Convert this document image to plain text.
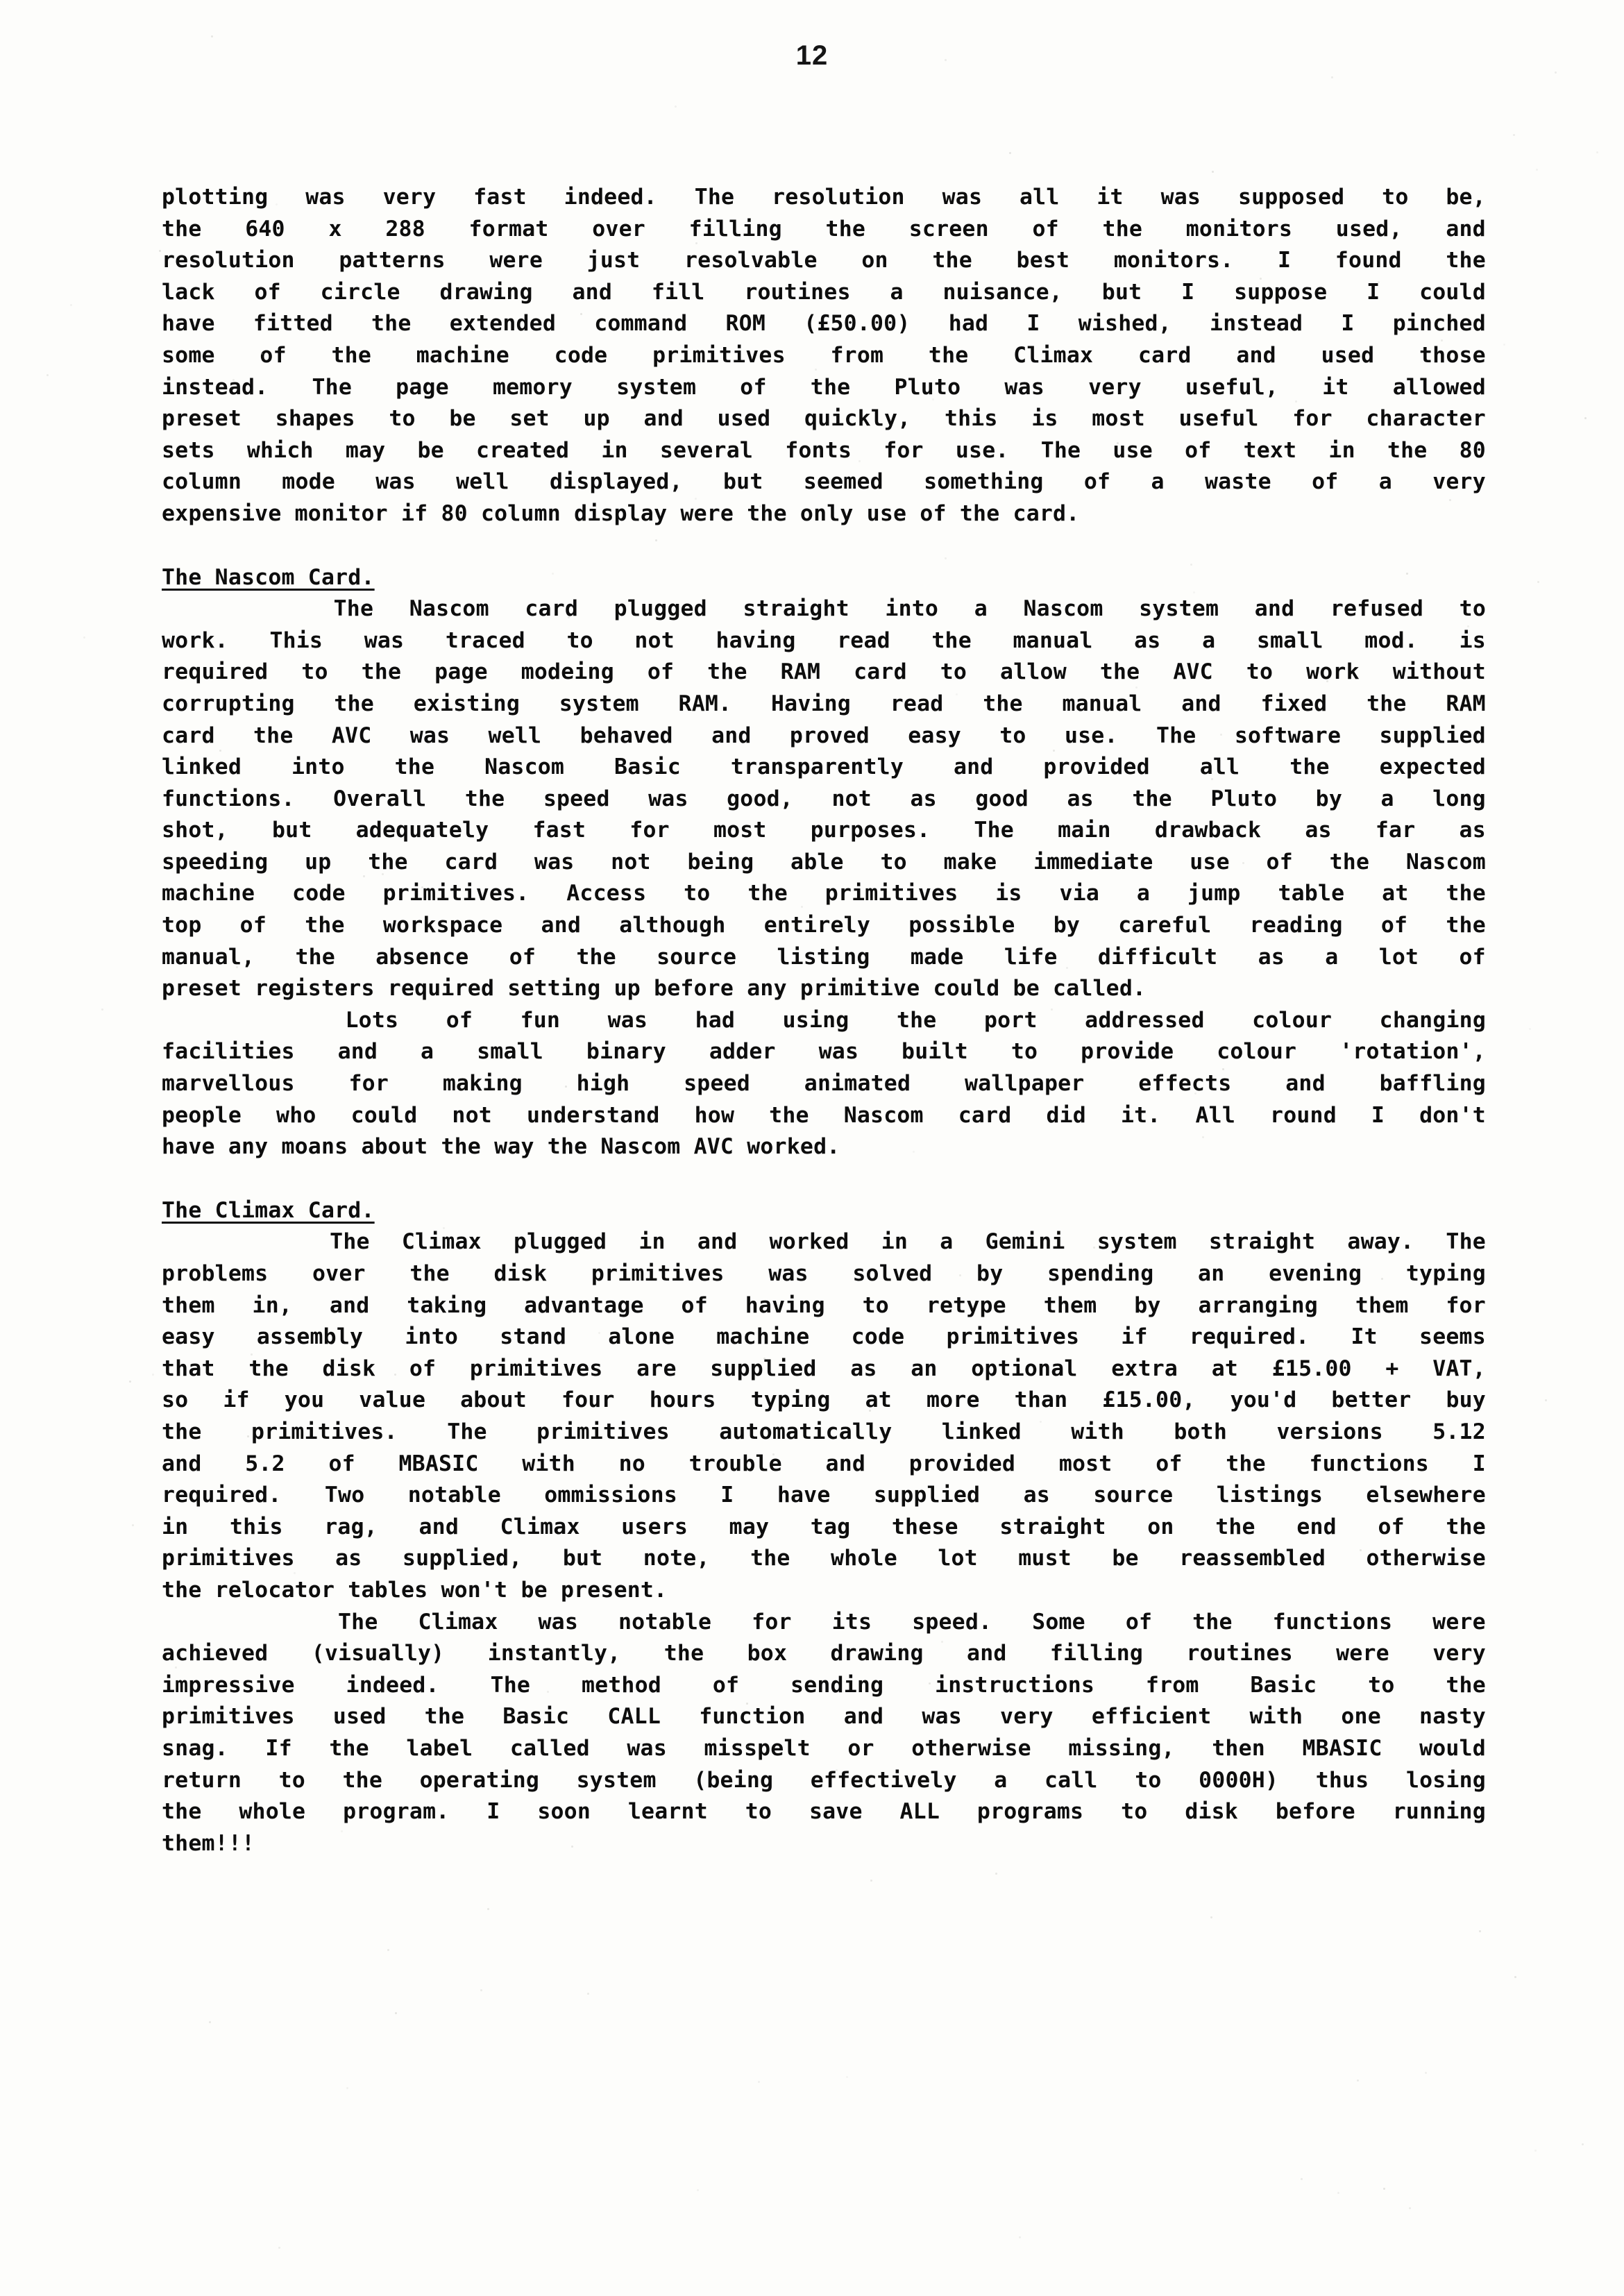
12
plotting was very fast indeed. The resolution was all it was supposed to be,
the 640 x 288 format over filling the screen of the monitors used, and
resolution patterns were just resolvable on the best monitors. I found the
lack of circle drawing and fill routines a nuisance, but I suppose I could
have fitted the extended command ROM (£50.00) had I wished, instead I pinched
some of the machine code primitives from the Climax card and used those
instead. The page memory system of the Pluto was very useful, it allowed
preset shapes to be set up and used quickly, this is most useful for character
sets which may be created in several fonts for use. The use of text in the 80
column mode was well displayed, but seemed something of a waste of a very
expensive monitor if 80 column display were the only use of the card.
The Nascom Card.
The Nascom card plugged straight into a Nascom system and refused to
work. This was traced to not having read the manual as a small mod. is
required to the page modeing of the RAM card to allow the AVC to work without
corrupting the existing system RAM. Having read the manual and fixed the RAM
card the AVC was well behaved and proved easy to use. The software supplied
linked into the Nascom Basic transparently and provided all the expected
functions. Overall the speed was good, not as good as the Pluto by a long
shot, but adequately fast for most purposes. The main drawback as far as
speeding up the card was not being able to make immediate use of the Nascom
machine code primitives. Access to the primitives is via a jump table at the
top of the workspace and although entirely possible by careful reading of the
manual, the absence of the source listing made life difficult as a lot of
preset registers required setting up before any primitive could be called.
Lots of fun was had using the port addressed colour changing
facilities and a small binary adder was built to provide colour 'rotation',
marvellous for making high speed animated wallpaper effects and baffling
people who could not understand how the Nascom card did it. All round I don't
have any moans about the way the Nascom AVC worked.
The Climax Card.
The Climax plugged in and worked in a Gemini system straight away. The
problems over the disk primitives was solved by spending an evening typing
them in, and taking advantage of having to retype them by arranging them for
easy assembly into stand alone machine code primitives if required. It seems
that the disk of primitives are supplied as an optional extra at £15.00 + VAT,
so if you value about four hours typing at more than £15.00, you'd better buy
the primitives. The primitives automatically linked with both versions 5.12
and 5.2 of MBASIC with no trouble and provided most of the functions I
required. Two notable ommissions I have supplied as source listings elsewhere
in this rag, and Climax users may tag these straight on the end of the
primitives as supplied, but note, the whole lot must be reassembled otherwise
the relocator tables won't be present.
The Climax was notable for its speed. Some of the functions were
achieved (visually) instantly, the box drawing and filling routines were very
impressive indeed. The method of sending instructions from Basic to the
primitives used the Basic CALL function and was very efficient with one nasty
snag. If the label called was misspelt or otherwise missing, then MBASIC would
return to the operating system (being effectively a call to 0000H) thus losing
the whole program. I soon learnt to save ALL programs to disk before running
them!!!
